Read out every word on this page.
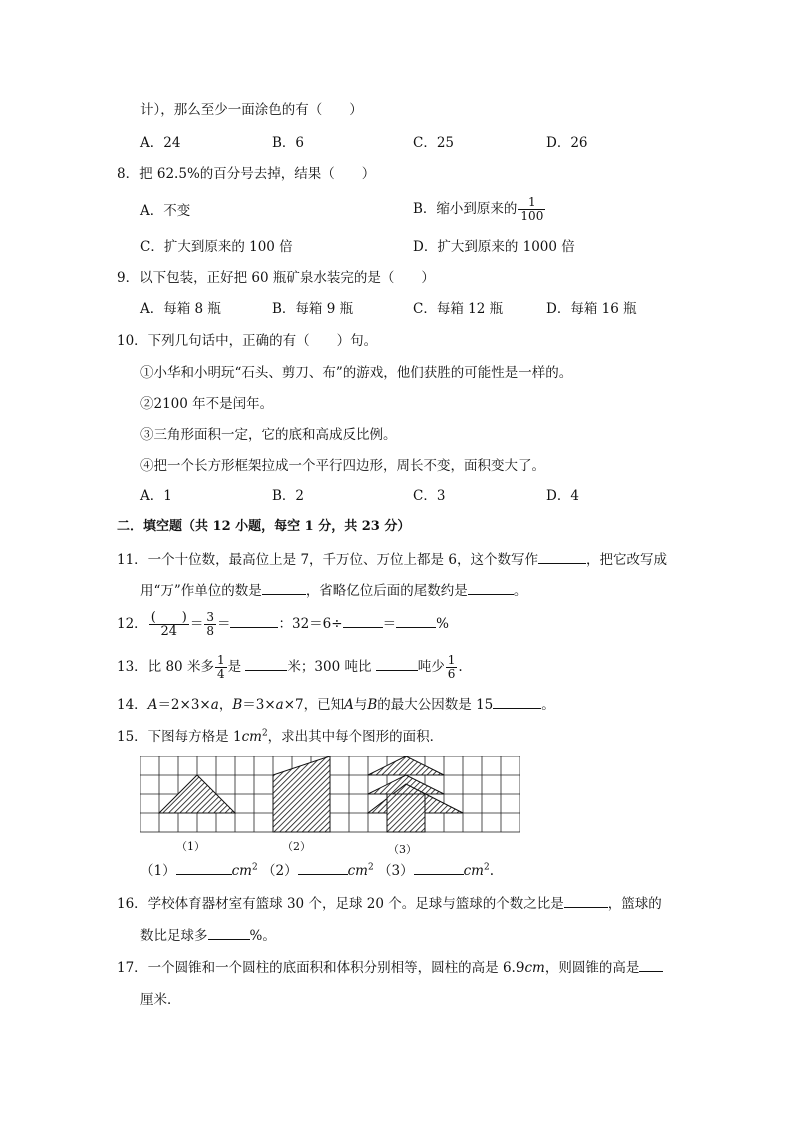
计），那么至少一面涂色的有（　　）
A．24	B．6	C．25	D．26
8．把 62.5%的百分号去掉，结果（　　）
A．不变	B．缩小到原来的 $\frac{1}{100}$
C．扩大到原来的 100 倍	D．扩大到原来的 1000 倍
9．以下包装，正好把 60 瓶矿泉水装完的是（　　）
A．每箱 8 瓶	B．每箱 9 瓶	C．每箱 12 瓶	D．每箱 16 瓶
10．下列几句话中，正确的有（　　）句。
①小华和小明玩“石头、剪刀、布”的游戏，他们获胜的可能性是一样的。
②2100 年不是闰年。
③三角形面积一定，它的底和高成反比例。
④把一个长方形框架拉成一个平行四边形，周长不变，面积变大了。
A．1	B．2	C．3	D．4
二．填空题（共 12 小题，每空 1 分，共 23 分）
11．一个十位数，最高位上是 7，千万位、万位上都是 6，这个数写作	，把它改写成
用“万”作单位的数是	，省略亿位后面的尾数约是	。
12． $\frac{( )}{24} = \frac{3}{8}$ ＝	：32＝6÷	＝	%
13．比 80 米多 $\frac{1}{4}$ 是	米；300 吨比	吨少 $\frac{1}{6}$ .
14．A＝2×3×a，B＝3×a×7，已知A与B的最大公因数是 15	。
15．下图每方格是 $1cm^2$，求出其中每个图形的面积．
（1）	（2）	（3）
（1）	$cm^2$ （2）	$cm^2$ （3）	$cm^2$.
16．学校体育器材室有篮球 30 个，足球 20 个。足球与篮球的个数之比是	，篮球的
数比足球多	%。
17．一个圆锥和一个圆柱的底面积和体积分别相等，圆柱的高是 6.9cm，则圆锥的高是
厘米．
